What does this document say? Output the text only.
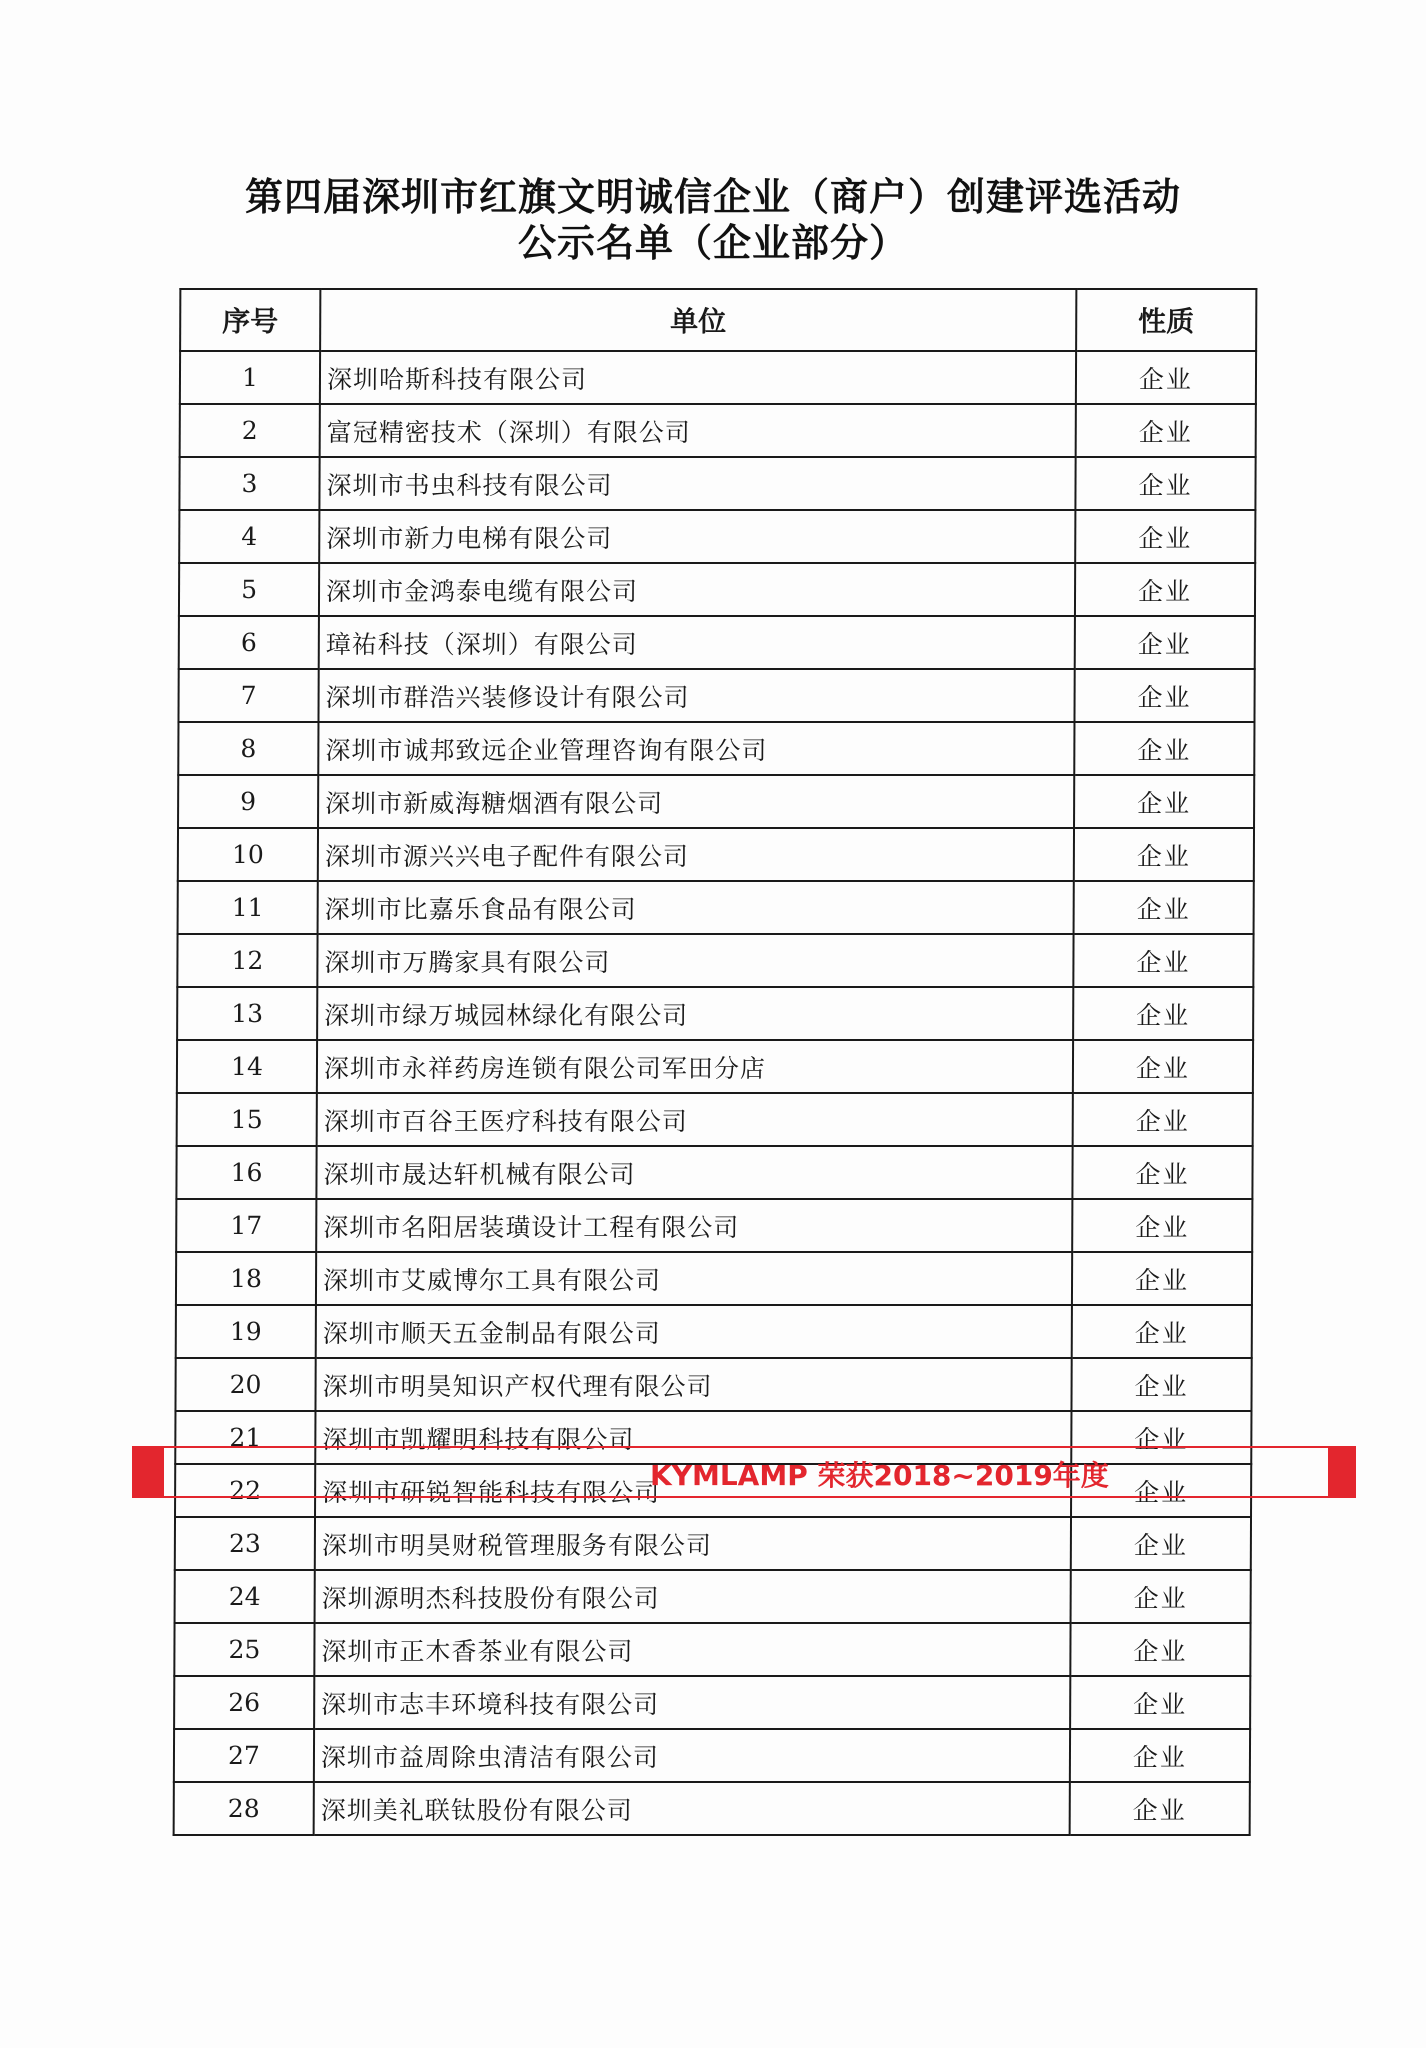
第四届深圳市红旗文明诚信企业（商户）创建评选活动
公示名单（企业部分）
序号	单位	性质
1	深圳哈斯科技有限公司	企业
2	富冠精密技术（深圳）有限公司	企业
3	深圳市书虫科技有限公司	企业
4	深圳市新力电梯有限公司	企业
5	深圳市金鸿泰电缆有限公司	企业
6	璋祐科技（深圳）有限公司	企业
7	深圳市群浩兴装修设计有限公司	企业
8	深圳市诚邦致远企业管理咨询有限公司	企业
9	深圳市新威海糖烟酒有限公司	企业
10	深圳市源兴兴电子配件有限公司	企业
11	深圳市比嘉乐食品有限公司	企业
12	深圳市万腾家具有限公司	企业
13	深圳市绿万城园林绿化有限公司	企业
14	深圳市永祥药房连锁有限公司军田分店	企业
15	深圳市百谷王医疗科技有限公司	企业
16	深圳市晟达轩机械有限公司	企业
17	深圳市名阳居装璜设计工程有限公司	企业
18	深圳市艾威博尔工具有限公司	企业
19	深圳市顺天五金制品有限公司	企业
20	深圳市明昊知识产权代理有限公司	企业
21	深圳市凯耀明科技有限公司	企业
22	深圳市研锐智能科技有限公司	企业
23	深圳市明昊财税管理服务有限公司	企业
24	深圳源明杰科技股份有限公司	企业
25	深圳市正木香茶业有限公司	企业
26	深圳市志丰环境科技有限公司	企业
27	深圳市益周除虫清洁有限公司	企业
28	深圳美礼联钛股份有限公司	企业
KYMLAMP 荣获2018~2019年度
